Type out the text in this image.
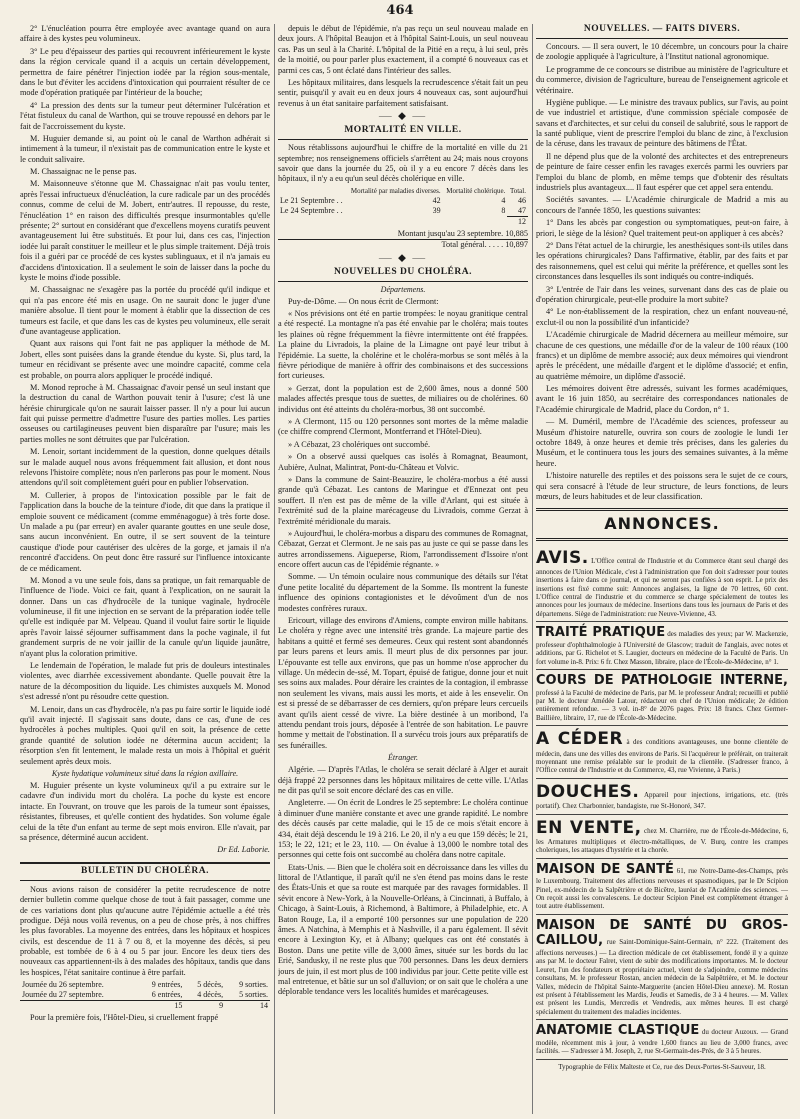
464

2° L'énucléation pourra être employée avec avantage quand on aura affaire à des kystes peu volumineux.

3° Le peu d'épaisseur des parties qui recouvrent inférieurement le kyste dans la région cervicale quand il a acquis un certain développement, permettra de faire pénétrer l'injection iodée par la région sous-mentale, dans le but d'éviter les accidens d'intoxication qui pourraient résulter de ce mode d'opération pratiquée par l'intérieur de la bouche;

4° La pression des dents sur la tumeur peut déterminer l'ulcération et l'état fistuleux du canal de Warthon, qui se trouve repoussé en dehors par le fait de l'accroissement du kyste.

M. Huguier demande si, au point où le canal de Warthon adhérait si intimement à la tumeur, il n'existait pas de communication entre le kyste et le conduit salivaire.

M. Chassaignac ne le pense pas.

M. Maisonneuve s'étonne que M. Chassaignac n'ait pas voulu tenter, après l'essai infructueux d'énucléation, la cure radicale par un des procédés connus, comme de celui de M. Jobert, entr'autres. Il repousse, du reste, l'énucléation 1° en raison des difficultés presque insurmontables qu'elle présente; 2° surtout en considérant que d'excellens moyens curatifs peuvent avantageusement lui être substitués. Et pour lui, dans ces cas, l'injection iodée lui paraît constituer le meilleur et le plus simple traitement. Déjà trois fois il a guéri par ce procédé de ces kystes sublinguaux, et il n'a jamais eu d'accidens d'intoxication. Il a seulement le soin de laisser dans la poche du kyste le moins d'iode possible.

M. Chassaignac ne s'exagère pas la portée du procédé qu'il indique et qui n'a pas encore été mis en usage. On ne saurait donc le juger d'une manière absolue. Il tient pour le moment à établir que la dissection de ces tumeurs est facile, et que dans les cas de kystes peu volumineux, elle serait d'une avantageuse application.

Quant aux raisons qui l'ont fait ne pas appliquer la méthode de M. Jobert, elles sont puisées dans la grande étendue du kyste. Si, plus tard, la tumeur en récidivant se présente avec une moindre capacité, comme cela est probable, on pourra alors appliquer le procédé indiqué.

M. Monod reproche à M. Chassaignac d'avoir pensé un seul instant que la destruction du canal de Warthon pouvait tenir à l'usure; c'est là une hérésie chirurgicale qu'on ne saurait laisser passer. Il n'y a pour lui aucun fait qui puisse permettre d'admettre l'usure des parties molles. Les parties osseuses ou cartilagineuses peuvent bien disparaître par l'usure; mais les parties molles ne sont détruites que par l'ulcération.

M. Lenoir, sortant incidemment de la question, donne quelques détails sur le malade auquel nous avons fréquemment fait allusion, et dont nous relevons l'histoire complète; nous n'en parlerons pas pour le moment. Nous attendons qu'il soit complètement guéri pour en publier l'observation.

M. Cullerier, à propos de l'intoxication possible par le fait de l'application dans la bouche de la teinture d'iode, dit que dans la pratique il emploie souvent ce médicament (comme emménagogue) à très forte dose. Un malade a pu (par erreur) en avaler quarante gouttes en une seule dose, sans aucun inconvénient. En outre, il se sert souvent de la teinture caustique d'iode pour cautériser des ulcères de la gorge, et jamais il n'a rencontré d'accidens. On peut donc être rassuré sur l'influence intoxicante de ce médicament.

M. Monod a vu une seule fois, dans sa pratique, un fait remarquable de l'influence de l'iode. Voici ce fait, quant à l'explication, on ne saurait la donner. Dans un cas d'hydrocèle de la tunique vaginale, hydrocèle volumineuse, il fit une injection en se servant de la préparation iodée telle qu'elle est indiquée par M. Velpeau. Quand il voulut faire sortir le liquide après l'avoir laissé séjourner suffisamment dans la poche vaginale, il fut grandement surpris de ne voir jaillir de la canule qu'un liquide jaunâtre, n'ayant plus la coloration primitive.

Le lendemain de l'opération, le malade fut pris de douleurs intestinales violentes, avec diarrhée excessivement abondante. Quelle pouvait être la nature de la décomposition du liquide. Les chimistes auxquels M. Monod s'est adressé n'ont pu résoudre cette question.

M. Lenoir, dans un cas d'hydrocèle, n'a pas pu faire sortir le liquide iodé qu'il avait injecté. Il s'agissait sans doute, dans ce cas, d'une de ces hydrocèles à poches multiples. Quoi qu'il en soit, la présence de cette grande quantité de solution iodée ne détermina aucun accident; la résorption s'en fit lentement, le malade resta un mois à l'hôpital et guérit seulement après deux mois.

Kyste hydatique volumineux situé dans la région axillaire.

M. Huguier présente un kyste volumineux qu'il a pu extraire sur le cadavre d'un individu mort du choléra. La poche du kyste est encore intacte. En l'ouvrant, on trouve que les parois de la tumeur sont épaisses, résistantes, fibreuses, et qu'elle contient des hydatides. Son volume égale celui de la tête d'un enfant au terme de sept mois environ. Elle n'avait, par sa présence, déterminé aucun accident.

Dr Ed. Laborie.
BULLETIN DU CHOLÉRA.

Nous avions raison de considérer la petite recrudescence de notre dernier bulletin comme quelque chose de tout à fait passager, comme une de ces variations dont plus qu'aucune autre l'épidémie actuelle a été très prodigue. Déjà nous voilà revenus, on a peu de chose près, à nos chiffres les plus favorables. La moyenne des entrées, dans les hôpitaux et hospices civils, est descendue de 11 à 7 ou 8, et la moyenne des décès, si peu probable, est tombée de 6 à 4 ou 5 par jour. Encore les deux tiers des nouveaux cas appartiennent-ils à des malades des hôpitaux, tandis que dans les hospices, l'état sanitaire continue à être parfait.

Journée du 26 septembre.	9 entrées,	5 décès,	9 sorties.
Journée du 27 septembre.	6 entrées,	4 décès,	5 sorties.
	15	9	14

Pour la première fois, l'Hôtel-Dieu, si cruellement frappé

depuis le début de l'épidémie, n'a pas reçu un seul nouveau malade en deux jours. A l'hôpital Beaujon et à l'hôpital Saint-Louis, un seul nouveau cas. Pas un seul à la Charité. L'hôpital de la Pitié en a reçu, à lui seul, près de la moitié, ou pour parler plus exactement, il a compté 6 nouveaux cas et parmi ces cas, 5 ont éclaté dans l'intérieur des salles.

Les hôpitaux militaires, dans lesquels la recrudescence s'était fait un peu sentir, puisqu'il y avait eu en deux jours 4 nouveaux cas, sont aujourd'hui revenus à un état sanitaire parfaitement satisfaisant.

⸺ ◆ ⸺
MORTALITÉ EN VILLE.

Nous rétablissons aujourd'hui le chiffre de la mortalité en ville du 21 septembre; nos renseignemens officiels s'arrêtent au 24; mais nous croyons savoir que dans la journée du 25, où il y a eu encore 7 décès dans les hôpitaux, il n'y a eu qu'un seul décès cholérique en ville.

	Mortalité par maladies diverses.	Mortalité cholérique.	Total.
Le 21 Septembre . .	42	4	46
Le 24 Septembre . .	39	8	47
			12
Montant jusqu'au 23 septembre. 10,885
Total général. . . . . 10,897
⸺ ◆ ⸺
NOUVELLES DU CHOLÉRA.
Départemens.

Puy-de-Dôme. — On nous écrit de Clermont:

« Nos prévisions ont été en partie trompées: le noyau granitique central a été respecté. La montagne n'a pas été envahie par le choléra; mais toutes les plaines où règne fréquemment la fièvre intermittente ont été frappées. La plaine du Livradois, la plaine de la Limagne ont payé leur tribut à l'épidémie. La suette, la cholérine et le choléra-morbus se sont mêlés à la fièvre périodique de manière à offrir des combinaisons et des successions fort curieuses.

» Gerzat, dont la population est de 2,600 âmes, nous a donné 500 malades affectés presque tous de suettes, de miliaires ou de cholérines. 60 individus ont été atteints du choléra-morbus, 38 ont succombé.

» A Clermont, 115 ou 120 personnes sont mortes de la même maladie (ce chiffre comprend Clermont, Montferrand et l'Hôtel-Dieu).

» A Cébazat, 23 cholériques ont succombé.

» On a observé aussi quelques cas isolés à Romagnat, Beaumont, Aubière, Aulnat, Malintrat, Pont-du-Château et Volvic.

» Dans la commune de Saint-Beauzire, le choléra-morbus a été aussi grande qu'à Cébazat. Les cantons de Maringue et d'Ennezat ont peu souffert. Il n'en est pas de même de la ville d'Arlant, qui est située à l'extrémité sud de la plaine marécageuse du Livradois, comme Gerzat à l'extrémité méridionale du marais.

» Aujourd'hui, le choléra-morbus a disparu des communes de Romagnat, Cébazat, Gerzat et Clermont. Je ne sais pas au juste ce qui se passe dans les autres arrondissemens. Aigueperse, Riom, l'arrondissement d'Issoire n'ont encore offert aucun cas de l'épidémie régnante. »

Somme. — Un témoin oculaire nous communique des détails sur l'état d'une petite localité du département de la Somme. Ils montrent la funeste influence des opinions contagionistes et le dévoûment d'un de nos modestes confrères ruraux.

Ericourt, village des environs d'Amiens, compte environ mille habitans. Le choléra y règne avec une intensité très grande. La majeure partie des habitans a quitté et fermé ses demeures. Ceux qui restent sont abandonnés par leurs parens et leurs amis. Il meurt plus de dix personnes par jour. L'épouvante est telle aux environs, que pas un homme n'ose approcher du village. Un médecin de-ssé, M. Topart, épuisé de fatigue, donne jour et nuit ses soins aux malades. Pour déraire les craintes de la contagion, il embrasse non seulement les vivans, mais aussi les morts, et aide à les ensevelir. On est si pressé de se débarrasser de ces derniers, qu'on prépare leurs cercueils avant qu'ils aient cessé de vivre. La bière destinée à un moribond, l'a attendu pendant trois jours, déposée à l'entrée de son habitation. Le pauvre homme y mettait de l'obstination. Il a survécu trois jours aux préparatifs de ses funérailles.

Étranger.

Algérie. — D'après l'Atlas, le choléra se serait déclaré à Alger et aurait déjà frappé 22 personnes dans les hôpitaux militaires de cette ville. L'Atlas ne dit pas qu'il se soit encore déclaré des cas en ville.

Angleterre. — On écrit de Londres le 25 septembre: Le choléra continue à diminuer d'une manière constante et avec une grande rapidité. Le nombre des décès causés par cette maladie, qui le 15 de ce mois s'était encore à 434, était déjà descendu le 19 à 216. Le 20, il n'y a eu que 159 décès; le 21, 153; le 22, 121; et le 23, 110. — On évalue à 13,000 le nombre total des personnes qui cette fois ont succombé au choléra dans notre capitale.

Etats-Unis. — Bien que le choléra soit en décroissance dans les villes du littoral de l'Atlantique, il paraît qu'il ne s'en étend pas moins dans le reste des États-Unis et que sa route est marquée par des ravages formidables. Il sévit encore à New-York, à la Nouvelle-Orléans, à Cincinnati, à Buffalo, à Chicago, à Saint-Louis, à Richemond, à Baltimore, à Philadelphie, etc. A Baton Rouge, La, il a emporté 100 personnes sur une population de 220 âmes. A Natchina, à Memphis et à Nashville, il a paru également. Il sévit encore à Lexington Ky, et à Albany; quelques cas ont été constatés à Boston. Dans une petite ville de 3,000 âmes, située sur les bords du lac Erié, Sandusky, il ne reste plus que 700 personnes. Dans les deux derniers jours de juin, il est mort plus de 100 individus par jour. Cette petite ville est mal entretenue, et bâtie sur un sol d'alluvion; or on sait que le choléra a une déplorable tendance vers les localités humides et marécageuses.

NOUVELLES. — FAITS DIVERS.

Concours. — Il sera ouvert, le 10 décembre, un concours pour la chaire de zoologie appliquée à l'agriculture, à l'Institut national agronomique.

Le programme de ce concours se distribue au ministère de l'agriculture et du commerce, division de l'agriculture, bureau de l'enseignement agricole et vétérinaire.

Hygiène publique. — Le ministre des travaux publics, sur l'avis, au point de vue industriel et artistique, d'une commission spéciale composée de savans et d'architectes, et sur celui du conseil de salubrité, sous le rapport de la santé publique, vient de prescrire l'emploi du blanc de zinc, à l'exclusion de la céruse, dans les travaux de peinture des bâtimens de l'État.

Il ne dépend plus que de la volonté des architectes et des entrepreneurs de peinture de faire cesser enfin les ravages exercés parmi les ouvriers par l'emploi du blanc de plomb, en même temps que d'obtenir des résultats industriels plus avantageux.... Il faut espérer que cet appel sera entendu.

Sociétés savantes. — L'Académie chirurgicale de Madrid a mis au concours de l'année 1850, les questions suivantes:

1° Dans les abcès par congestion ou symptomatiques, peut-on faire, à priori, le siège de la lésion? Quel traitement peut-on appliquer à ces abcès?

2° Dans l'état actuel de la chirurgie, les anesthésiques sont-ils utiles dans les opérations chirurgicales? Dans l'affirmative, établir, par des faits et par des raisonnemens, quel est celui qui mérite la préférence, et quelles sont les circonstances dans lesquelles ils sont indiqués ou contre-indiqués.

3° L'entrée de l'air dans les veines, survenant dans des cas de plaie ou d'opération chirurgicale, peut-elle produire la mort subite?

4° Le non-établissement de la respiration, chez un enfant nouveau-né, exclut-il ou non la possibilité d'un infanticide?

L'Académie chirurgicale de Madrid décernera au meilleur mémoire, sur chacune de ces questions, une médaille d'or de la valeur de 100 réaux (100 francs) et un diplôme de membre associé; aux deux mémoires qui viendront après le précédent, une médaille d'argent et le diplôme d'associé; et enfin, au quatrième mémoire, un diplôme d'associé.

Les mémoires doivent être adressés, suivant les formes académiques, avant le 16 juin 1850, au secrétaire des correspondances nationales de l'Académie chirurgicale de Madrid, place du Cordon, n° 1.

— M. Duméril, membre de l'Académie des sciences, professeur au Muséum d'histoire naturelle, ouvrira son cours de zoologie le lundi 1er octobre 1849, à onze heures et demie très précises, dans les galeries du Muséum, et le continuera tous les jours des semaines suivantes, à la même heure.

L'histoire naturelle des reptiles et des poissons sera le sujet de ce cours, qui sera consacré à l'étude de leur structure, de leurs fonctions, de leurs mœurs, de leurs habitudes et de leur classification.

ANNONCES.
AVIS. L'Office central de l'Industrie et du Commerce étant seul chargé des annonces de l'Union Médicale, c'est à l'administration que l'on doit s'adresser pour toutes insertions à faire dans ce journal, et qui ne seront pas confiées à son esprit. Le prix des insertions est fixé comme suit: Annonces anglaises, la ligne de 70 lettres, 60 cent. L'Office central de l'industrie et du commerce se charge spécialement de toutes les annonces pour les journaux de médecine. Insertions dans tous les journaux de Paris et des départemens. Siège de l'administration: rue Neuve-Vivienne, 43.
TRAITÉ PRATIQUE des maladies des yeux; par W. Mackenzie, professeur d'ophthalmologie à l'Université de Glascow; traduit de l'anglais, avec notes et additions, par G. Richelot et S. Laugier, docteurs en médecine de la Faculté de Paris. Un fort volume in-8. Prix: 6 fr. Chez Masson, libraire, place de l'École-de-Médecine, n° 1.
COURS DE PATHOLOGIE INTERNE, professé à la Faculté de médecine de Paris, par M. le professeur Andral; recueilli et publié par M. le docteur Amédée Latour, rédacteur en chef de l'Union médicale; 2e édition entièrement refondue. — 3 vol. in-8° de 2076 pages. Prix: 18 francs. Chez Germer-Baillière, libraire, 17, rue de l'École-de-Médecine.
A CÉDER à des conditions avantageuses, une bonne clientèle de médecin, dans une des villes des environs de Paris. Si l'acquéreur le préférait, on traiterait moyennant une remise préalable sur le produit de la clientèle. (S'adresser franco, à l'Office central de l'Industrie et du Commerce, 43, rue Vivienne, à Paris.)
DOUCHES. Appareil pour injections, irrigations, etc. (très portatif). Chez Charbonnier, bandagiste, rue St-Honoré, 347.
EN VENTE, chez M. Charrière, rue de l'École-de-Médecine, 6, les Armatures multipliques et électro-métalliques, de V. Burq, contre les crampes choleriques, les attaques d'hystérie et la chorée.
MAISON DE SANTÉ 61, rue Notre-Dame-des-Champs, près le Luxembourg. Traitement des affections nerveuses et spasmodiques, par le Dr Scipion Pinel, ex-médecin de la Salpêtrière et de Bicêtre, lauréat de l'Académie des sciences. — On reçoit aussi les convalescens. Le docteur Scipion Pinel est complètement étranger à tout autre établissement.
MAISON DE SANTÉ DU GROS-CAILLOU, rue Saint-Dominique-Saint-Germain, n° 222. (Traitement des affections nerveuses.) — La direction médicale de cet établissement, fondé il y a quinze ans par M. le docteur Falret, vient de subir des modifications importantes. M. le docteur Leuret, l'un des fondateurs et propriétaire actuel, vient de s'adjoindre, comme médecins consultans, M. le professeur Rostan, ancien médecin de la Salpêtrière, et M. le docteur Vallex, médecin de l'hôpital Sainte-Marguerite (ancien Hôtel-Dieu annexe). M. Rostan est présent à l'établissement les Mardis, Jeudis et Samedis, de 3 à 4 heures. — M. Vallex est présent les Lundis, Mercredis et Vendredis, aux mêmes heures. Il est chargé spécialement du traitement des maladies incidentes.
ANATOMIE CLASTIQUE du docteur Auzoux. — Grand modèle, récemment mis à jour, à vendre 1,600 francs au lieu de 3,000 francs, avec facilités. — S'adresser à M. Joseph, 2, rue St-Germain-des-Prés, de 3 à 5 heures.
Typographie de Félix Malteste et Ce, rue des Deux-Portes-St-Sauveur, 18.
